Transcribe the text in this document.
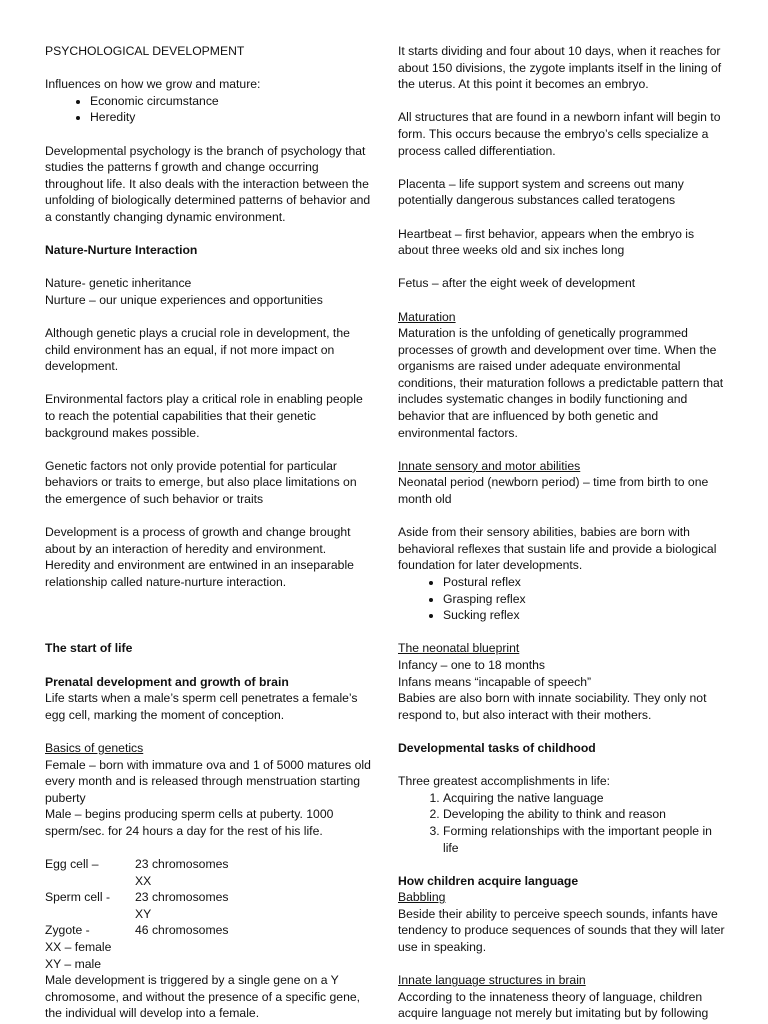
PSYCHOLOGICAL DEVELOPMENT

Influences on how we grow and mature:

• Economic circumstance
• Heredity

Developmental psychology is the branch of psychology that studies the patterns f growth and change occurring throughout life. It also deals with the interaction between the unfolding of biologically determined patterns of behavior and a constantly changing dynamic environment.

Nature-Nurture Interaction

Nature- genetic inheritance

Nurture – our unique experiences and opportunities

Although genetic plays a crucial role in development, the child environment has an equal, if not more impact on development.

Environmental factors play a critical role in enabling people to reach the potential capabilities that their genetic background makes possible.

Genetic factors not only provide potential for particular behaviors or traits to emerge, but also place limitations on the emergence of such behavior or traits

Development is a process of growth and change brought about by an interaction of heredity and environment. Heredity and environment are entwined in an inseparable relationship called nature-nurture interaction.

The start of life

Prenatal development and growth of brain

Life starts when a male’s sperm cell penetrates a female’s egg cell, marking the moment of conception.

Basics of genetics

Female – born with immature ova and 1 of 5000 matures old every month and is released through menstruation starting puberty

Male – begins producing sperm cells at puberty. 1000 sperm/sec. for 24 hours a day for the rest of his life.

Egg cell –	23 chromosomes

XX

Sperm cell -	23 chromosomes

XY

Zygote -	46 chromosomes

XX – female

XY – male

Male development is triggered by a single gene on a Y chromosome, and without the presence of a specific gene, the individual will develop into a female.

It starts dividing and four about 10 days, when it reaches for about 150 divisions, the zygote implants itself in the lining of the uterus. At this point it becomes an embryo.

All structures that are found in a newborn infant will begin to form. This occurs because the embryo’s cells specialize a process called differentiation.

Placenta – life support system and screens out many potentially dangerous substances called teratogens

Heartbeat – first behavior, appears when the embryo is about three weeks old and six inches long

Fetus – after the eight week of development

Maturation

Maturation is the unfolding of genetically programmed processes of growth and development over time. When the organisms are raised under adequate environmental conditions, their maturation follows a predictable pattern that includes systematic changes in bodily functioning and behavior that are influenced by both genetic and environmental factors.

Innate sensory and motor abilities

Neonatal period (newborn period) – time from birth to one month old

Aside from their sensory abilities, babies are born with behavioral reflexes that sustain life and provide a biological foundation for later developments.

• Postural reflex
• Grasping reflex
• Sucking reflex

The neonatal blueprint

Infancy – one to 18 months

Infans means “incapable of speech”

Babies are also born with innate sociability. They only not respond to, but also interact with their mothers.

Developmental tasks of childhood

Three greatest accomplishments in life:

1. Acquiring the native language
2. Developing the ability to think and reason
3. Forming relationships with the important people in life

How children acquire language

Babbling

Beside their ability to perceive speech sounds, infants have tendency to produce sequences of sounds that they will later use in speaking.

Innate language structures in brain

According to the innateness theory of language, children acquire language not merely but imitating but by following
